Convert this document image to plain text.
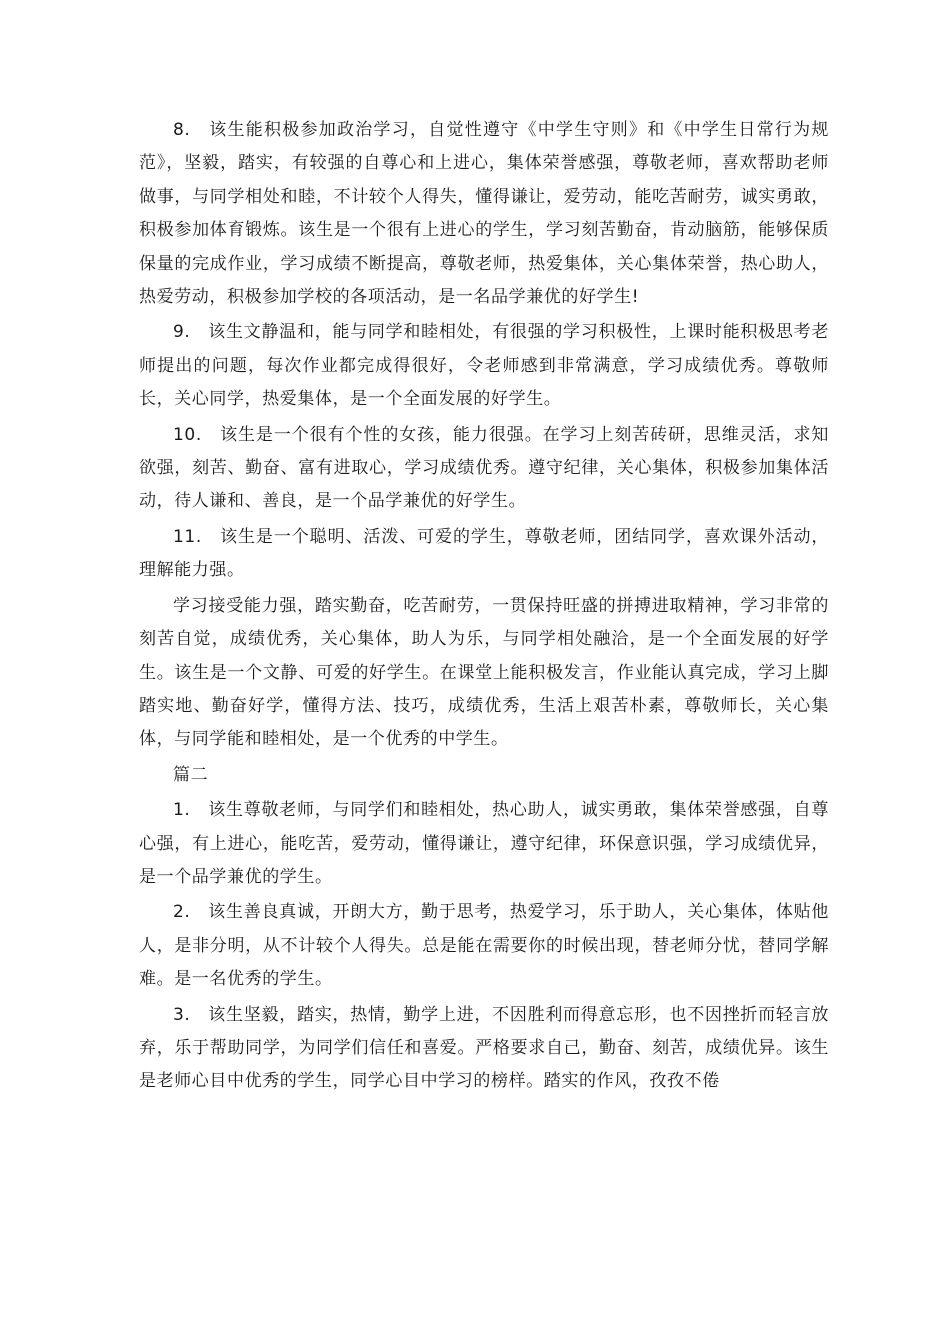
8.　该生能积极参加政治学习，自觉性遵守《中学生守则》和《中学生日常行为规范》，坚毅，踏实，有较强的自尊心和上进心，集体荣誉感强，尊敬老师，喜欢帮助老师做事，与同学相处和睦，不计较个人得失，懂得谦让，爱劳动，能吃苦耐劳，诚实勇敢，积极参加体育锻炼。该生是一个很有上进心的学生，学习刻苦勤奋，肯动脑筋，能够保质保量的完成作业，学习成绩不断提高，尊敬老师，热爱集体，关心集体荣誉，热心助人，热爱劳动，积极参加学校的各项活动，是一名品学兼优的好学生!

9.　该生文静温和，能与同学和睦相处，有很强的学习积极性，上课时能积极思考老师提出的问题，每次作业都完成得很好，令老师感到非常满意，学习成绩优秀。尊敬师长，关心同学，热爱集体，是一个全面发展的好学生。

10.　该生是一个很有个性的女孩，能力很强。在学习上刻苦砖研，思维灵活，求知欲强，刻苦、勤奋、富有进取心，学习成绩优秀。遵守纪律，关心集体，积极参加集体活动，待人谦和、善良，是一个品学兼优的好学生。

11.　该生是一个聪明、活泼、可爱的学生，尊敬老师，团结同学，喜欢课外活动，理解能力强。

学习接受能力强，踏实勤奋，吃苦耐劳，一贯保持旺盛的拼搏进取精神，学习非常的刻苦自觉，成绩优秀，关心集体，助人为乐，与同学相处融洽，是一个全面发展的好学生。该生是一个文静、可爱的好学生。在课堂上能积极发言，作业能认真完成，学习上脚踏实地、勤奋好学，懂得方法、技巧，成绩优秀，生活上艰苦朴素，尊敬师长，关心集体，与同学能和睦相处，是一个优秀的中学生。

篇二

1.　该生尊敬老师，与同学们和睦相处，热心助人，诚实勇敢，集体荣誉感强，自尊心强，有上进心，能吃苦，爱劳动，懂得谦让，遵守纪律，环保意识强，学习成绩优异，是一个品学兼优的学生。

2.　该生善良真诚，开朗大方，勤于思考，热爱学习，乐于助人，关心集体，体贴他人，是非分明，从不计较个人得失。总是能在需要你的时候出现，替老师分忧，替同学解难。是一名优秀的学生。

3.　该生坚毅，踏实，热情，勤学上进，不因胜利而得意忘形，也不因挫折而轻言放弃，乐于帮助同学，为同学们信任和喜爱。严格要求自己，勤奋、刻苦，成绩优异。该生是老师心目中优秀的学生，同学心目中学习的榜样。踏实的作风，孜孜不倦
